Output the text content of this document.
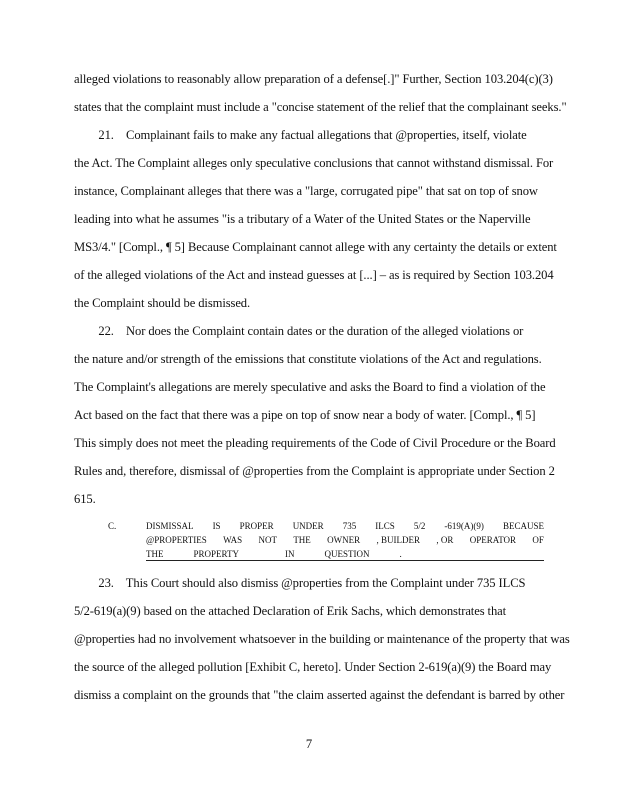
alleged violations to reasonably allow preparation of a defense[.]" Further, Section 103.204(c)(3)
states that the complaint must include a "concise statement of the relief that the complainant seeks."
21.    Complainant fails to make any factual allegations that @properties, itself, violate
the Act. The Complaint alleges only speculative conclusions that cannot withstand dismissal. For
instance, Complainant alleges that there was a "large, corrugated pipe" that sat on top of snow
leading into what he assumes "is a tributary of a Water of the United States or the Naperville
MS3/4." [Compl., ¶ 5] Because Complainant cannot allege with any certainty the details or extent
of the alleged violations of the Act and instead guesses at [...] – as is required by Section 103.204
the Complaint should be dismissed.
22.    Nor does the Complaint contain dates or the duration of the alleged violations or
the nature and/or strength of the emissions that constitute violations of the Act and regulations.
The Complaint's allegations are merely speculative and asks the Board to find a violation of the
Act based on the fact that there was a pipe on top of snow near a body of water. [Compl., ¶ 5]
This simply does not meet the pleading requirements of the Code of Civil Procedure or the Board
Rules and, therefore, dismissal of @properties from the Complaint is appropriate under Section 2
615.
C.	DISMISSAL IS PROPER UNDER 735 ILCS 5/2 -619(A)(9) BECAUSE
@PROPERTIES WAS NOT THE OWNER , BUILDER , OR OPERATOR OF
THE	PROPERTY	IN	QUESTION	.
23.    This Court should also dismiss @properties from the Complaint under 735 ILCS
5/2-619(a)(9) based on the attached Declaration of Erik Sachs, which demonstrates that
@properties had no involvement whatsoever in the building or maintenance of the property that was
the source of the alleged pollution [Exhibit C, hereto]. Under Section 2-619(a)(9) the Board may
dismiss a complaint on the grounds that "the claim asserted against the defendant is barred by other
7
